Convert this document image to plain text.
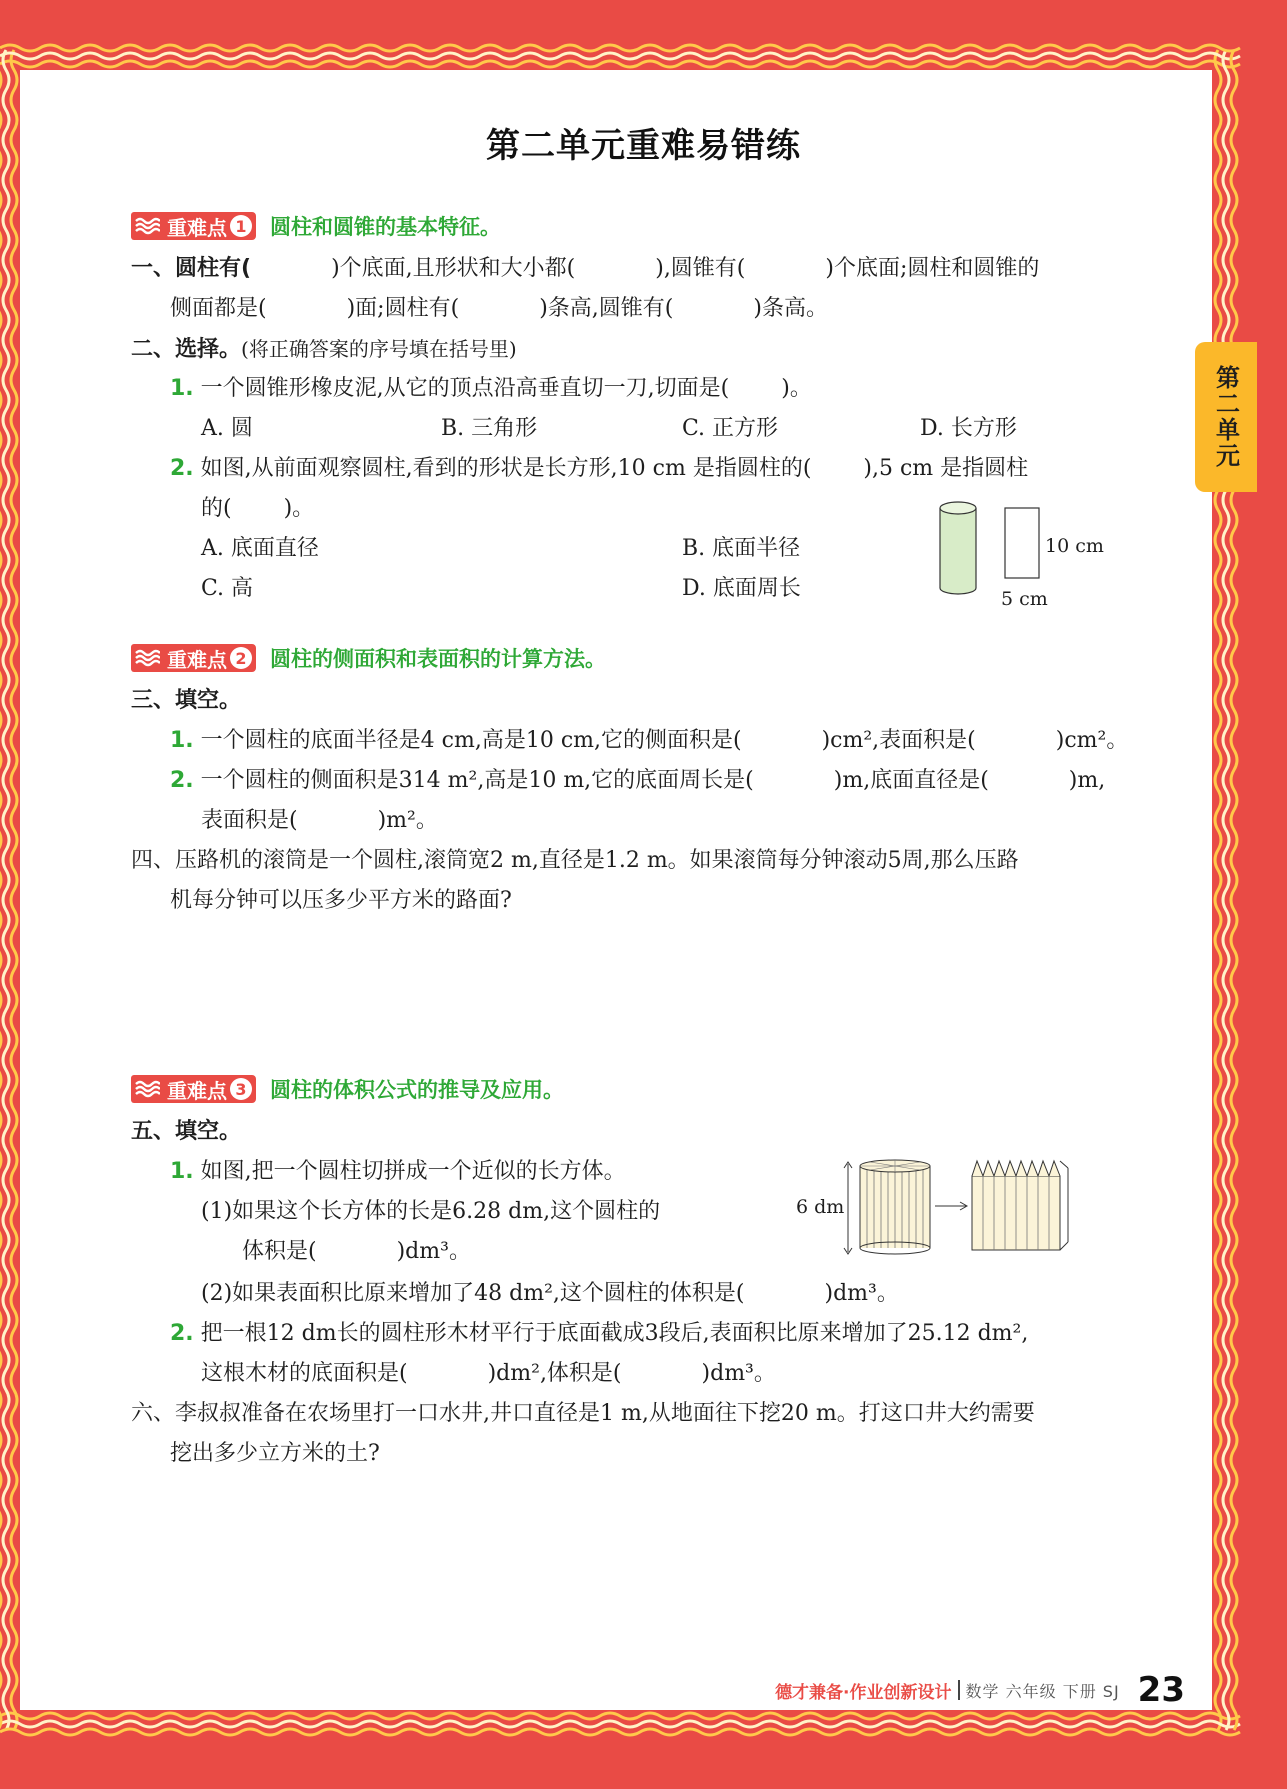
第二单元重难易错练
第二单元
重难点 1 圆柱和圆锥的基本特征。
一、圆柱有(	)个底面,且形状和大小都(	),圆锥有(	)个底面;圆柱和圆锥的
侧面都是(	)面;圆柱有(	)条高,圆锥有(	)条高。
二、选择。(将正确答案的序号填在括号里)
1. 一个圆锥形橡皮泥,从它的顶点沿高垂直切一刀,切面是( )。
A. 圆	B. 三角形	C. 正方形	D. 长方形
2. 如图,从前面观察圆柱,看到的形状是长方形,10 cm 是指圆柱的( ),5 cm 是指圆柱
的( )。
A. 底面直径	B. 底面半径
C. 高	D. 底面周长
10 cm
5 cm
重难点 2 圆柱的侧面积和表面积的计算方法。
三、填空。
1. 一个圆柱的底面半径是4 cm,高是10 cm,它的侧面积是(	)cm²,表面积是(	)cm²。
2. 一个圆柱的侧面积是314 m²,高是10 m,它的底面周长是(	)m,底面直径是(	)m,
表面积是(	)m²。
四、压路机的滚筒是一个圆柱,滚筒宽2 m,直径是1.2 m。如果滚筒每分钟滚动5周,那么压路
机每分钟可以压多少平方米的路面?
重难点 3 圆柱的体积公式的推导及应用。
五、填空。
1. 如图,把一个圆柱切拼成一个近似的长方体。
(1)如果这个长方体的长是6.28 dm,这个圆柱的
体积是(	)dm³。
(2)如果表面积比原来增加了48 dm²,这个圆柱的体积是(	)dm³。
6 dm
2. 把一根12 dm长的圆柱形木材平行于底面截成3段后,表面积比原来增加了25.12 dm²,
这根木材的底面积是(	)dm²,体积是(	)dm³。
六、李叔叔准备在农场里打一口水井,井口直径是1 m,从地面往下挖20 m。打这口井大约需要
挖出多少立方米的土?
德才兼备·作业创新设计 数学 六年级 下册 SJ 23
